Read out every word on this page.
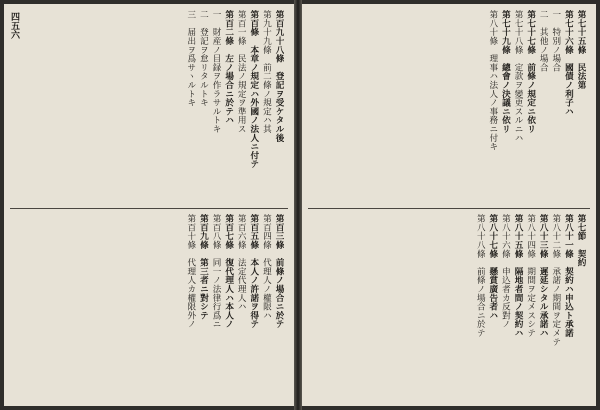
第百九十八條　登記ヲ受ケタル後
第九十九條　前二條ノ規定ハ其
第百條　本章ノ規定ハ外國ノ法人ニ付テ
第百一條　民法ノ規定ヲ準用ス
第百二條　左ノ場合ニ於テハ
一　財産ノ目録ヲ作ラサルトキ
二　登記ヲ怠リタルトキ
三　届出ヲ爲サヽルトキ
四五六
第百三條　前條ノ場合ニ於テ
第百四條　代理人ノ權限ハ
第百五條　本人ノ許諾ヲ得テ
第百六條　法定代理人ハ
第百七條　復代理人ハ本人ノ
第百八條　同一ノ法律行爲ニ
第百九條　第三者ニ對シテ
第百十條　代理人カ權限外ノ
第七十五條　民法第
第七十六條　國債ノ利子ハ
一　特別ノ場合
二　其他ノ場合
第七十七條　前條ノ規定ニ依リ
第七十八條　定款ヲ變更スルニハ
第七十九條　總會ノ決議ニ依リ
第八十條　理事ハ法人ノ事務ニ付キ
第七節　契約
第八十一條　契約ハ申込ト承諾
第八十二條　承諾ノ期間ヲ定メテ
第八十三條　遲延シタル承諾ハ
第八十四條　期間ヲ定メスシテ
第八十五條　隔地者間ノ契約ハ
第八十六條　申込者カ反對ノ
第八十七條　懸賞廣告者ハ
第八十八條　前條ノ場合ニ於テ
